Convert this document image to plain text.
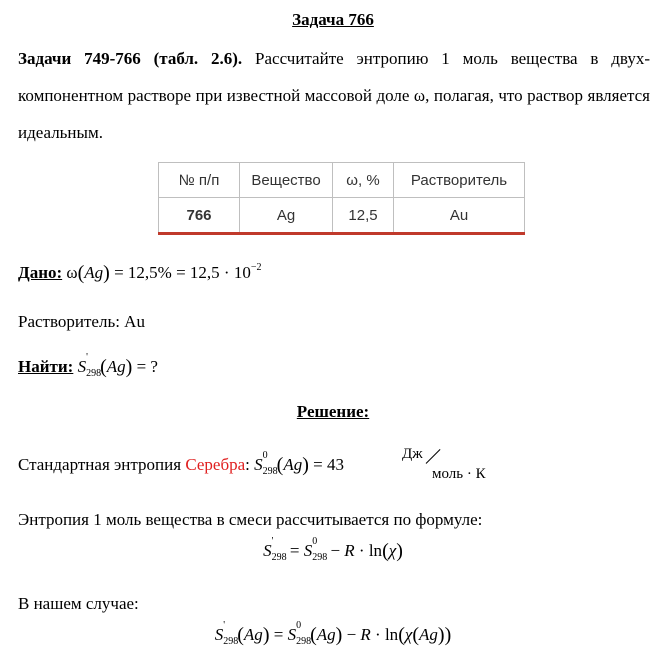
Задача 766
Задачи 749-766 (табл. 2.6). Рассчитайте энтропию 1 моль вещества в двух-компонентном растворе при известной массовой доле ω, полагая, что раствор является идеальным.
№ п/п	Вещество	ω, %	Растворитель
766	Ag	12,5	Au
Дано: $\omega(Ag) = 12,5\% = 12,5 \cdot 10^{-2}$
Растворитель: Au
Найти: S '
298 (Ag) = ?
Решение:
Стандартная энтропия Серебра: S 0
298 (Ag) = 43
Дж
моль · К
Энтропия 1 моль вещества в смеси рассчитывается по формуле:
S '
298 = S 0
298 − R · ln(χ)
В нашем случае:
S '
298 (Ag) = S 0
298 (Ag) − R · ln(χ(Ag))
